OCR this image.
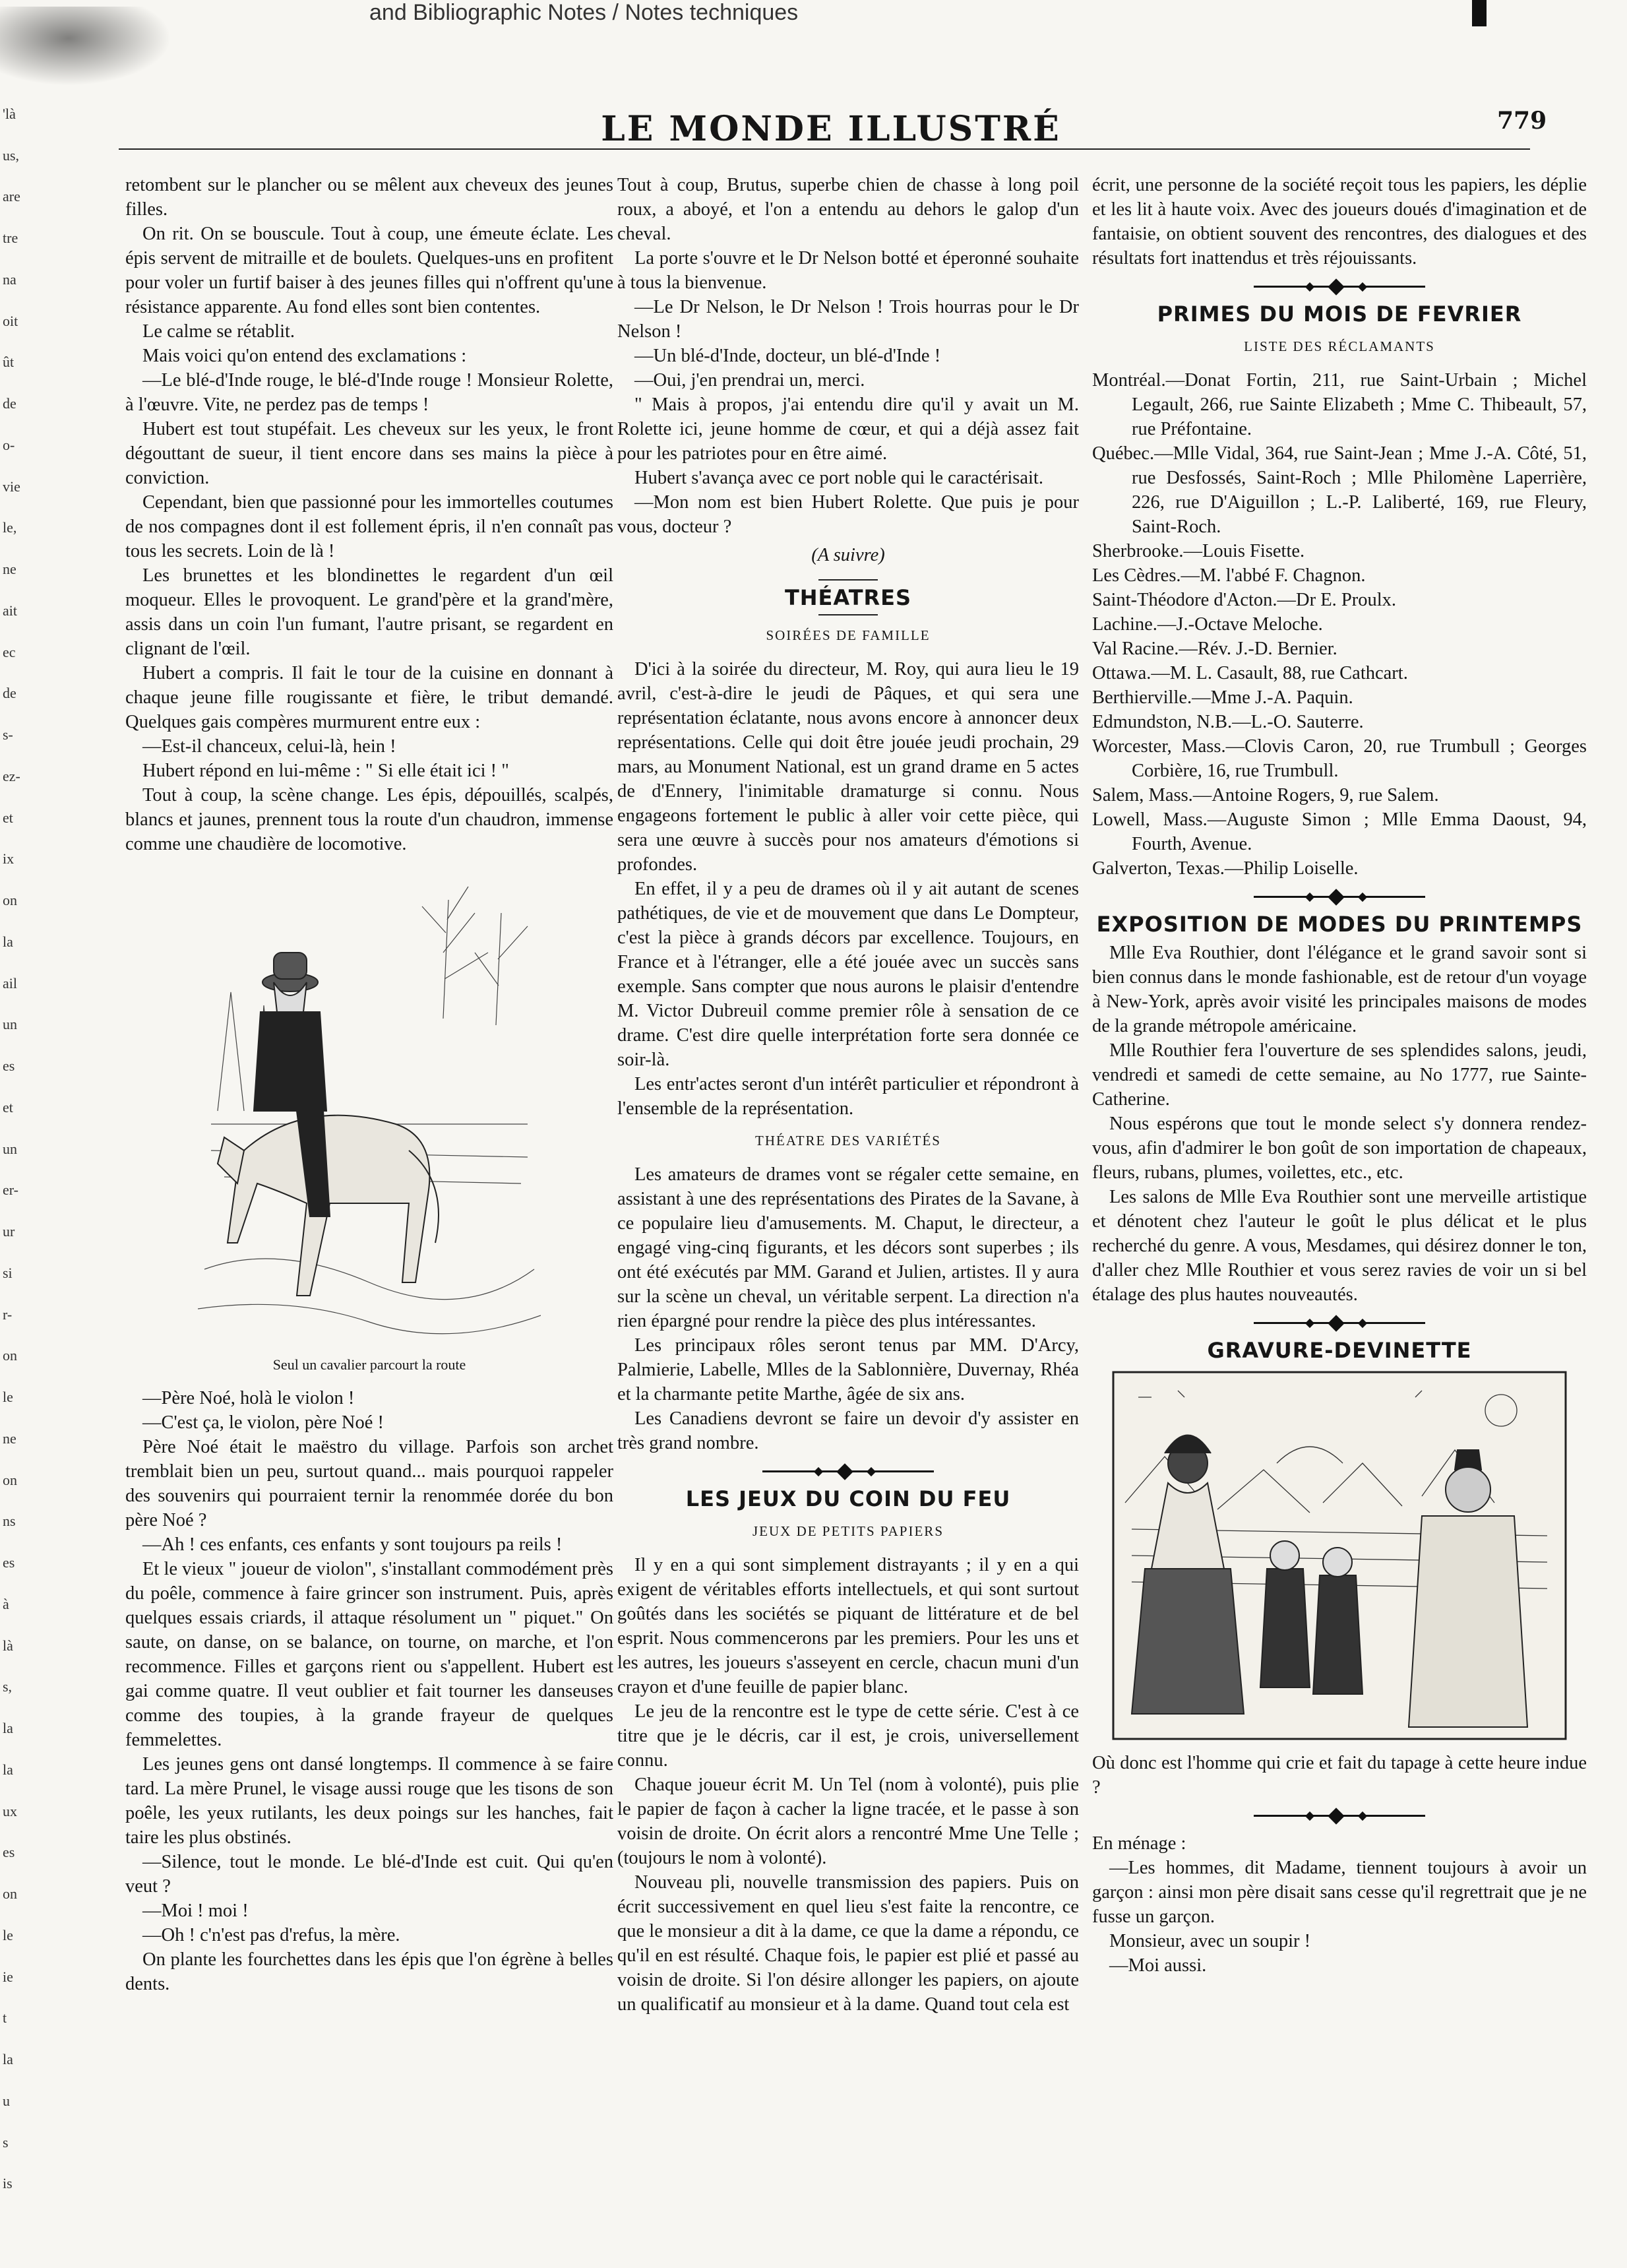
and Bibliographic Notes / Notes techniques
'là
us,
are
tre
na
oit
ût
de
o-
vie
le,
ne
ait
ec
de
s-
ez-
et
ix
on
la
ail
un
es
et
un
er-
ur
si
r-
on
le
ne
on
ns
es
à
là
s,
la
la
ux
es
on
le
ie
t
la
u
s
is
LE MONDE ILLUSTRÉ	779

retombent sur le plancher ou se mêlent aux cheveux des jeunes filles.

On rit. On se bouscule. Tout à coup, une émeute éclate. Les épis servent de mitraille et de boulets. Quelques-uns en profitent pour voler un furtif baiser à des jeunes filles qui n'offrent qu'une résistance apparente. Au fond elles sont bien contentes.

Le calme se rétablit.

Mais voici qu'on entend des exclamations :

—Le blé-d'Inde rouge, le blé-d'Inde rouge ! Monsieur Rolette, à l'œuvre. Vite, ne perdez pas de temps !

Hubert est tout stupéfait. Les cheveux sur les yeux, le front dégouttant de sueur, il tient encore dans ses mains la pièce à conviction.

Cependant, bien que passionné pour les immortelles coutumes de nos compagnes dont il est follement épris, il n'en connaît pas tous les secrets. Loin de là !

Les brunettes et les blondinettes le regardent d'un œil moqueur. Elles le provoquent. Le grand'père et la grand'mère, assis dans un coin l'un fumant, l'autre prisant, se regardent en clignant de l'œil.

Hubert a compris. Il fait le tour de la cuisine en donnant à chaque jeune fille rougissante et fière, le tribut demandé. Quelques gais compères murmurent entre eux :

—Est-il chanceux, celui-là, hein !

Hubert répond en lui-même : " Si elle était ici ! "

Tout à coup, la scène change. Les épis, dépouillés, scalpés, blancs et jaunes, prennent tous la route d'un chaudron, immense comme une chaudière de locomotive.

Seul un cavalier parcourt la route

—Père Noé, holà le violon !

—C'est ça, le violon, père Noé !

Père Noé était le maëstro du village. Parfois son archet tremblait bien un peu, surtout quand... mais pourquoi rappeler des souvenirs qui pourraient ternir la renommée dorée du bon père Noé ?

—Ah ! ces enfants, ces enfants y sont toujours pa reils !

Et le vieux " joueur de violon", s'installant commodément près du poêle, commence à faire grincer son instrument. Puis, après quelques essais criards, il attaque résolument un " piquet." On saute, on danse, on se balance, on tourne, on marche, et l'on recommence. Filles et garçons rient ou s'appellent. Hubert est gai comme quatre. Il veut oublier et fait tourner les danseuses comme des toupies, à la grande frayeur de quelques femmelettes.

Les jeunes gens ont dansé longtemps. Il commence à se faire tard. La mère Prunel, le visage aussi rouge que les tisons de son poêle, les yeux rutilants, les deux poings sur les hanches, fait taire les plus obstinés.

—Silence, tout le monde. Le blé-d'Inde est cuit. Qui qu'en veut ?

—Moi ! moi !

—Oh ! c'n'est pas d'refus, la mère.

On plante les fourchettes dans les épis que l'on égrène à belles dents.

Tout à coup, Brutus, superbe chien de chasse à long poil roux, a aboyé, et l'on a entendu au dehors le galop d'un cheval.

La porte s'ouvre et le Dr Nelson botté et éperonné souhaite à tous la bienvenue.

—Le Dr Nelson, le Dr Nelson ! Trois hourras pour le Dr Nelson !

—Un blé-d'Inde, docteur, un blé-d'Inde !

—Oui, j'en prendrai un, merci.

" Mais à propos, j'ai entendu dire qu'il y avait un M. Rolette ici, jeune homme de cœur, et qui a déjà assez fait pour les patriotes pour en être aimé.

Hubert s'avança avec ce port noble qui le caractérisait.

—Mon nom est bien Hubert Rolette. Que puis je pour vous, docteur ?

(A suivre)
THÉATRES
SOIRÉES DE FAMILLE

D'ici à la soirée du directeur, M. Roy, qui aura lieu le 19 avril, c'est-à-dire le jeudi de Pâques, et qui sera une représentation éclatante, nous avons encore à annoncer deux représentations. Celle qui doit être jouée jeudi prochain, 29 mars, au Monument National, est un grand drame en 5 actes de d'Ennery, l'inimitable dramaturge si connu. Nous engageons fortement le public à aller voir cette pièce, qui sera une œuvre à succès pour nos amateurs d'émotions si profondes.

En effet, il y a peu de drames où il y ait autant de scenes pathétiques, de vie et de mouvement que dans Le Dompteur, c'est la pièce à grands décors par excellence. Toujours, en France et à l'étranger, elle a été jouée avec un succès sans exemple. Sans compter que nous aurons le plaisir d'entendre M. Victor Dubreuil comme premier rôle à sensation de ce drame. C'est dire quelle interprétation forte sera donnée ce soir-là.

Les entr'actes seront d'un intérêt particulier et répondront à l'ensemble de la représentation.

THÉATRE DES VARIÉTÉS

Les amateurs de drames vont se régaler cette semaine, en assistant à une des représentations des Pirates de la Savane, à ce populaire lieu d'amusements. M. Chaput, le directeur, a engagé ving-cinq figurants, et les décors sont superbes ; ils ont été exécutés par MM. Garand et Julien, artistes. Il y aura sur la scène un cheval, un véritable serpent. La direction n'a rien épargné pour rendre la pièce des plus intéressantes.

Les principaux rôles seront tenus par MM. D'Arcy, Palmierie, Labelle, Mlles de la Sablonnière, Duvernay, Rhéa et la charmante petite Marthe, âgée de six ans.

Les Canadiens devront se faire un devoir d'y assister en très grand nombre.

LES JEUX DU COIN DU FEU
JEUX DE PETITS PAPIERS

Il y en a qui sont simplement distrayants ; il y en a qui exigent de véritables efforts intellectuels, et qui sont surtout goûtés dans les sociétés se piquant de littérature et de bel esprit. Nous commencerons par les premiers. Pour les uns et les autres, les joueurs s'asseyent en cercle, chacun muni d'un crayon et d'une feuille de papier blanc.

Le jeu de la rencontre est le type de cette série. C'est à ce titre que je le décris, car il est, je crois, universellement connu.

Chaque joueur écrit M. Un Tel (nom à volonté), puis plie le papier de façon à cacher la ligne tracée, et le passe à son voisin de droite. On écrit alors a rencontré Mme Une Telle ; (toujours le nom à volonté).

Nouveau pli, nouvelle transmission des papiers. Puis on écrit successivement en quel lieu s'est faite la rencontre, ce que le monsieur a dit à la dame, ce que la dame a répondu, ce qu'il en est résulté. Chaque fois, le papier est plié et passé au voisin de droite. Si l'on désire allonger les papiers, on ajoute un qualificatif au monsieur et à la dame. Quand tout cela est

écrit, une personne de la société reçoit tous les papiers, les déplie et les lit à haute voix. Avec des joueurs doués d'imagination et de fantaisie, on obtient souvent des rencontres, des dialogues et des résultats fort inattendus et très réjouissants.

PRIMES DU MOIS DE FEVRIER
LISTE DES RÉCLAMANTS

Montréal.—Donat Fortin, 211, rue Saint-Urbain ; Michel Legault, 266, rue Sainte Elizabeth ; Mme C. Thibeault, 57, rue Préfontaine.

Québec.—Mlle Vidal, 364, rue Saint-Jean ; Mme J.-A. Côté, 51, rue Desfossés, Saint-Roch ; Mlle Philomène Laperrière, 226, rue D'Aiguillon ; L.-P. Laliberté, 169, rue Fleury, Saint-Roch.

Sherbrooke.—Louis Fisette.

Les Cèdres.—M. l'abbé F. Chagnon.

Saint-Théodore d'Acton.—Dr E. Proulx.

Lachine.—J.-Octave Meloche.

Val Racine.—Rév. J.-D. Bernier.

Ottawa.—M. L. Casault, 88, rue Cathcart.

Berthierville.—Mme J.-A. Paquin.

Edmundston, N.B.—L.-O. Sauterre.

Worcester, Mass.—Clovis Caron, 20, rue Trumbull ; Georges Corbière, 16, rue Trumbull.

Salem, Mass.—Antoine Rogers, 9, rue Salem.

Lowell, Mass.—Auguste Simon ; Mlle Emma Daoust, 94, Fourth, Avenue.

Galverton, Texas.—Philip Loiselle.

EXPOSITION DE MODES DU PRINTEMPS

Mlle Eva Routhier, dont l'élégance et le grand savoir sont si bien connus dans le monde fashionable, est de retour d'un voyage à New-York, après avoir visité les principales maisons de modes de la grande métropole américaine.

Mlle Routhier fera l'ouverture de ses splendides salons, jeudi, vendredi et samedi de cette semaine, au No 1777, rue Sainte-Catherine.

Nous espérons que tout le monde select s'y donnera rendez-vous, afin d'admirer le bon goût de son importation de chapeaux, fleurs, rubans, plumes, voilettes, etc., etc.

Les salons de Mlle Eva Routhier sont une merveille artistique et dénotent chez l'auteur le goût le plus délicat et le plus recherché du genre. A vous, Mesdames, qui désirez donner le ton, d'aller chez Mlle Routhier et vous serez ravies de voir un si bel étalage des plus hautes nouveautés.

GRAVURE-DEVINETTE

Où donc est l'homme qui crie et fait du tapage à cette heure indue ?

En ménage :

—Les hommes, dit Madame, tiennent toujours à avoir un garçon : ainsi mon père disait sans cesse qu'il regrettrait que je ne fusse un garçon.

Monsieur, avec un soupir !

—Moi aussi.
